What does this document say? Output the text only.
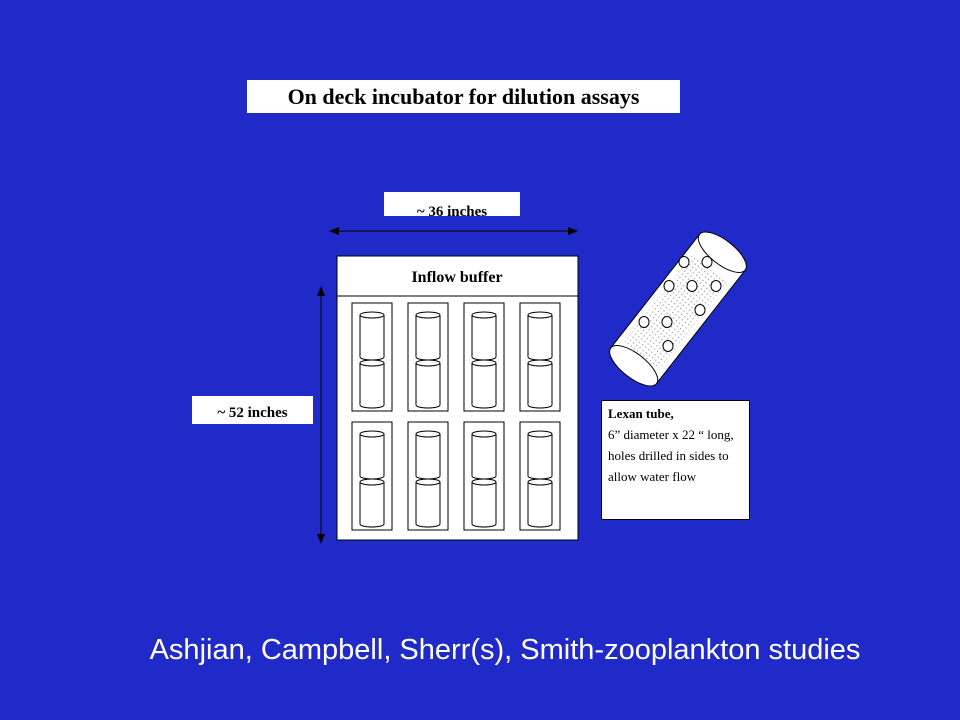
On deck incubator for dilution assays
~ 36 inches
~ 52 inches
Inflow buffer
Lexan tube,
6” diameter x 22 “ long, holes drilled in sides to allow water flow
Ashjian, Campbell, Sherr(s), Smith-zooplankton studies
